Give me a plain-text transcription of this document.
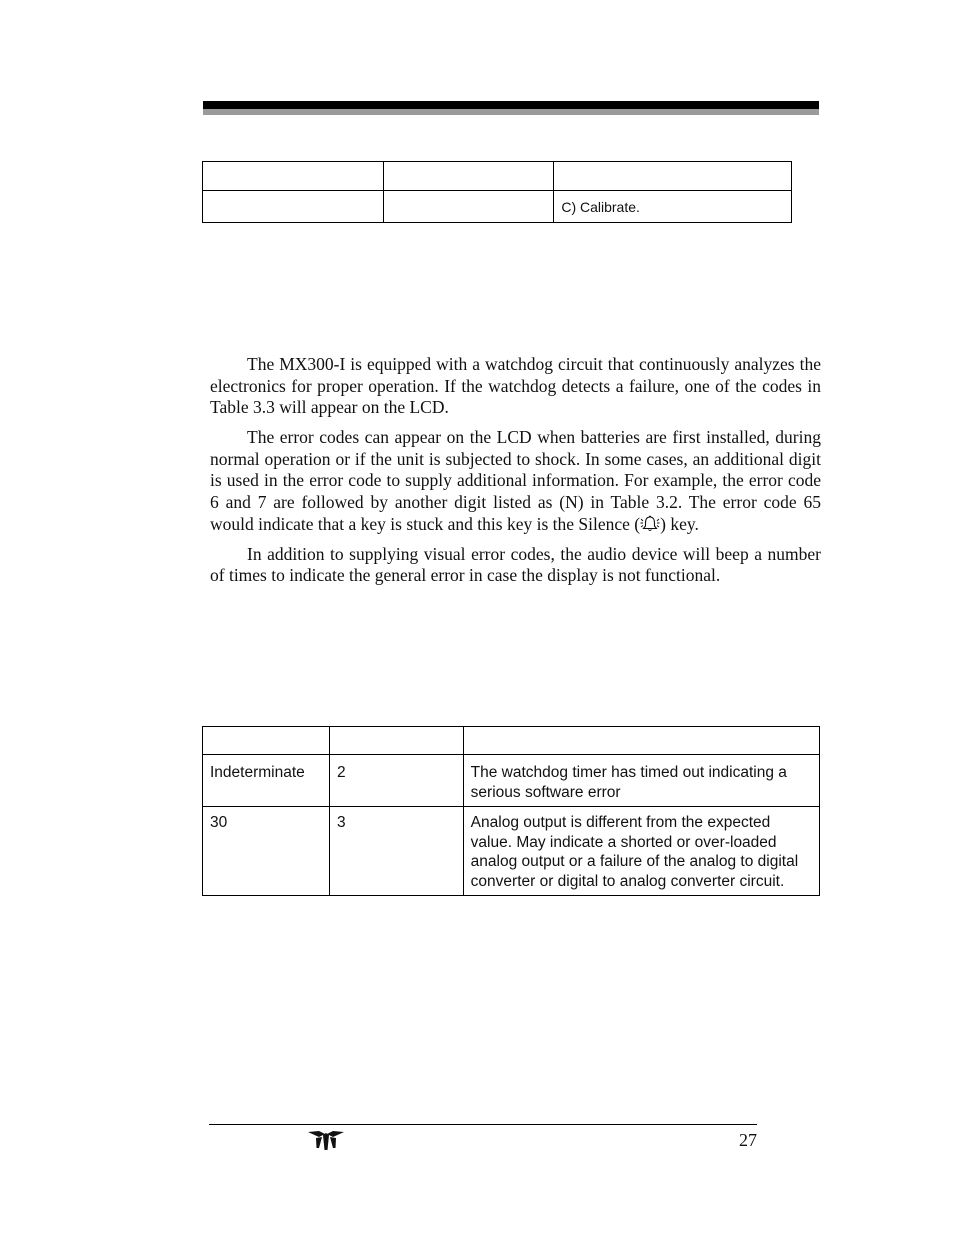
		C) Calibrate.

The MX300-I is equipped with a watchdog circuit that continuously analyzes the electronics for proper operation. If the watchdog detects a failure, one of the codes in Table 3.3 will appear on the LCD.

The error codes can appear on the LCD when batteries are first installed, during normal operation or if the unit is subjected to shock. In some cases, an additional digit is used in the error code to supply additional information. For example, the error code 6 and 7 are followed by another digit listed as (N) in Table 3.2. The error code 65 would indicate that a key is stuck and this key is the Silence ( ) key.

In addition to supplying visual error codes, the audio device will beep a number of times to indicate the general error in case the display is not functional.

Indeterminate	2	The watchdog timer has timed out indicating a serious software error
30	3	Analog output is different from the expected value. May indicate a shorted or over-loaded analog output or a failure of the analog to digital converter or digital to analog converter circuit.
27
